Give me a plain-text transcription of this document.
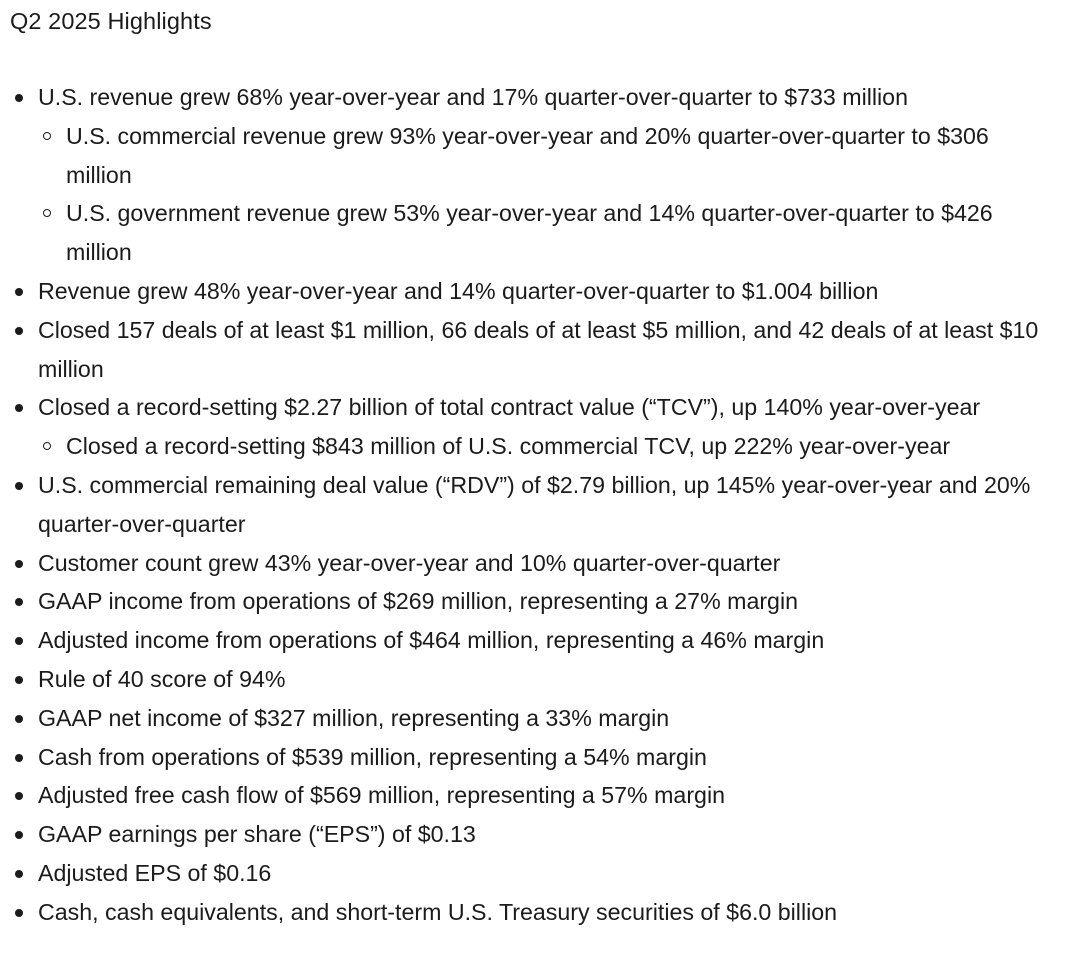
Q2 2025 Highlights
U.S. revenue grew 68% year-over-year and 17% quarter-over-quarter to $733 million
U.S. commercial revenue grew 93% year-over-year and 20% quarter-over-quarter to $306 million
U.S. government revenue grew 53% year-over-year and 14% quarter-over-quarter to $426 million
Revenue grew 48% year-over-year and 14% quarter-over-quarter to $1.004 billion
Closed 157 deals of at least $1 million, 66 deals of at least $5 million, and 42 deals of at least $10 million
Closed a record-setting $2.27 billion of total contract value (“TCV”), up 140% year-over-year
Closed a record-setting $843 million of U.S. commercial TCV, up 222% year-over-year
U.S. commercial remaining deal value (“RDV”) of $2.79 billion, up 145% year-over-year and 20% quarter-over-quarter
Customer count grew 43% year-over-year and 10% quarter-over-quarter
GAAP income from operations of $269 million, representing a 27% margin
Adjusted income from operations of $464 million, representing a 46% margin
Rule of 40 score of 94%
GAAP net income of $327 million, representing a 33% margin
Cash from operations of $539 million, representing a 54% margin
Adjusted free cash flow of $569 million, representing a 57% margin
GAAP earnings per share (“EPS”) of $0.13
Adjusted EPS of $0.16
Cash, cash equivalents, and short-term U.S. Treasury securities of $6.0 billion
